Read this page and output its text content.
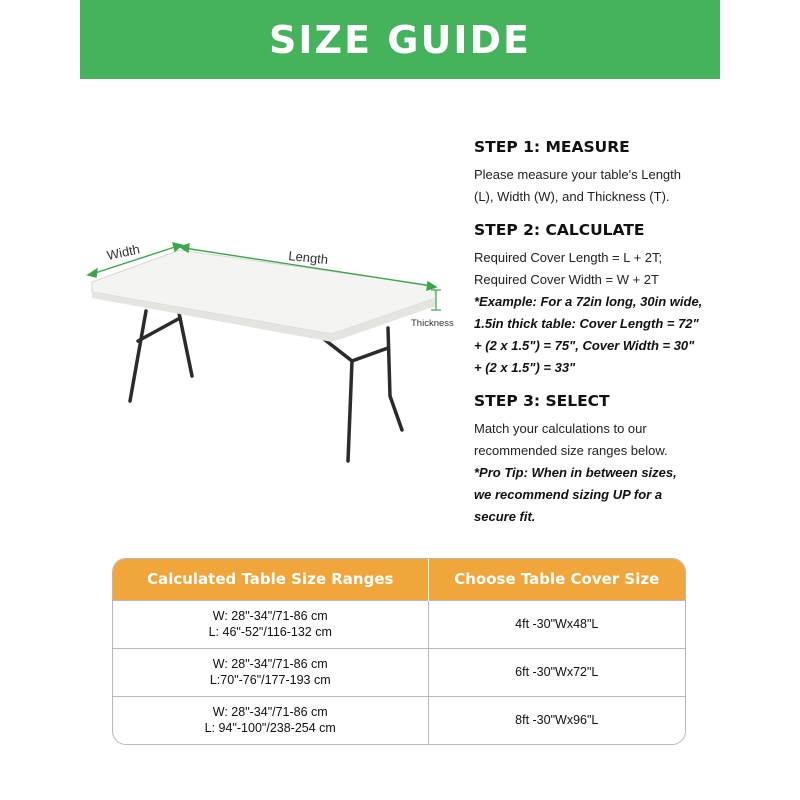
SIZE GUIDE
Width	Length
Thickness
STEP 1: MEASURE
Please measure your table's Length
(L), Width (W), and Thickness (T).
STEP 2: CALCULATE
Required Cover Length = L + 2T;
Required Cover Width = W + 2T
*Example: For a 72in long, 30in wide,
1.5in thick table: Cover Length = 72"
+ (2 x 1.5") = 75", Cover Width = 30"
+ (2 x 1.5") = 33"
STEP 3: SELECT
Match your calculations to our
recommended size ranges below.
*Pro Tip: When in between sizes,
we recommend sizing UP for a
secure fit.
Calculated Table Size Ranges	Choose Table Cover Size

W: 28"-34"/71-86 cm
L: 46"-52"/116-132 cm	4ft -30"Wx48"L

W: 28"-34"/71-86 cm
L:70"-76"/177-193 cm	6ft -30"Wx72"L

W: 28"-34"/71-86 cm
L: 94"-100"/238-254 cm	8ft -30"Wx96"L
